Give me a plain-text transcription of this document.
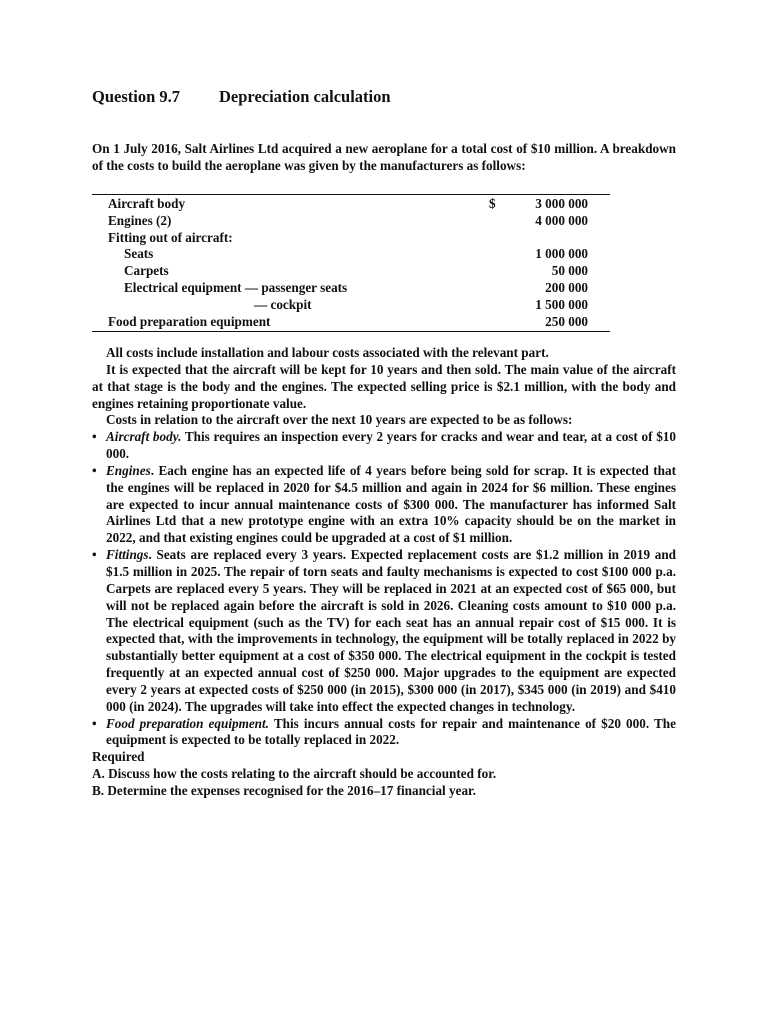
Question 9.7 Depreciation calculation

On 1 July 2016, Salt Airlines Ltd acquired a new aeroplane for a total cost of $10 million. A breakdown of the costs to build the aeroplane was given by the manufacturers as follows:

Aircraft body	$	3 000 000
Engines (2)	4 000 000
Fitting out of aircraft:
Seats	1 000 000
Carpets	50 000
Electrical equipment — passenger seats	200 000
— cockpit	1 500 000
Food preparation equipment	250 000

All costs include installation and labour costs associated with the relevant part.

It is expected that the aircraft will be kept for 10 years and then sold. The main value of the aircraft at that stage is the body and the engines. The expected selling price is $2.1 million, with the body and engines retaining proportionate value.

Costs in relation to the aircraft over the next 10 years are expected to be as follows:

• Aircraft body. This requires an inspection every 2 years for cracks and wear and tear, at a cost of $10 000.
• Engines. Each engine has an expected life of 4 years before being sold for scrap. It is expected that the engines will be replaced in 2020 for $4.5 million and again in 2024 for $6 million. These engines are expected to incur annual maintenance costs of $300 000. The manufacturer has informed Salt Airlines Ltd that a new prototype engine with an extra 10% capacity should be on the market in 2022, and that existing engines could be upgraded at a cost of $1 million.
• Fittings. Seats are replaced every 3 years. Expected replacement costs are $1.2 million in 2019 and $1.5 million in 2025. The repair of torn seats and faulty mechanisms is expected to cost $100 000 p.a. Carpets are replaced every 5 years. They will be replaced in 2021 at an expected cost of $65 000, but will not be replaced again before the aircraft is sold in 2026. Cleaning costs amount to $10 000 p.a. The electrical equipment (such as the TV) for each seat has an annual repair cost of $15 000. It is expected that, with the improvements in technology, the equipment will be totally replaced in 2022 by substantially better equipment at a cost of $350 000. The electrical equipment in the cockpit is tested frequently at an expected annual cost of $250 000. Major upgrades to the equipment are expected every 2 years at expected costs of $250 000 (in 2015), $300 000 (in 2017), $345 000 (in 2019) and $410 000 (in 2024). The upgrades will take into effect the expected changes in technology.
• Food preparation equipment. This incurs annual costs for repair and maintenance of $20 000. The equipment is expected to be totally replaced in 2022.

Required

A. Discuss how the costs relating to the aircraft should be accounted for.

B. Determine the expenses recognised for the 2016–17 financial year.
